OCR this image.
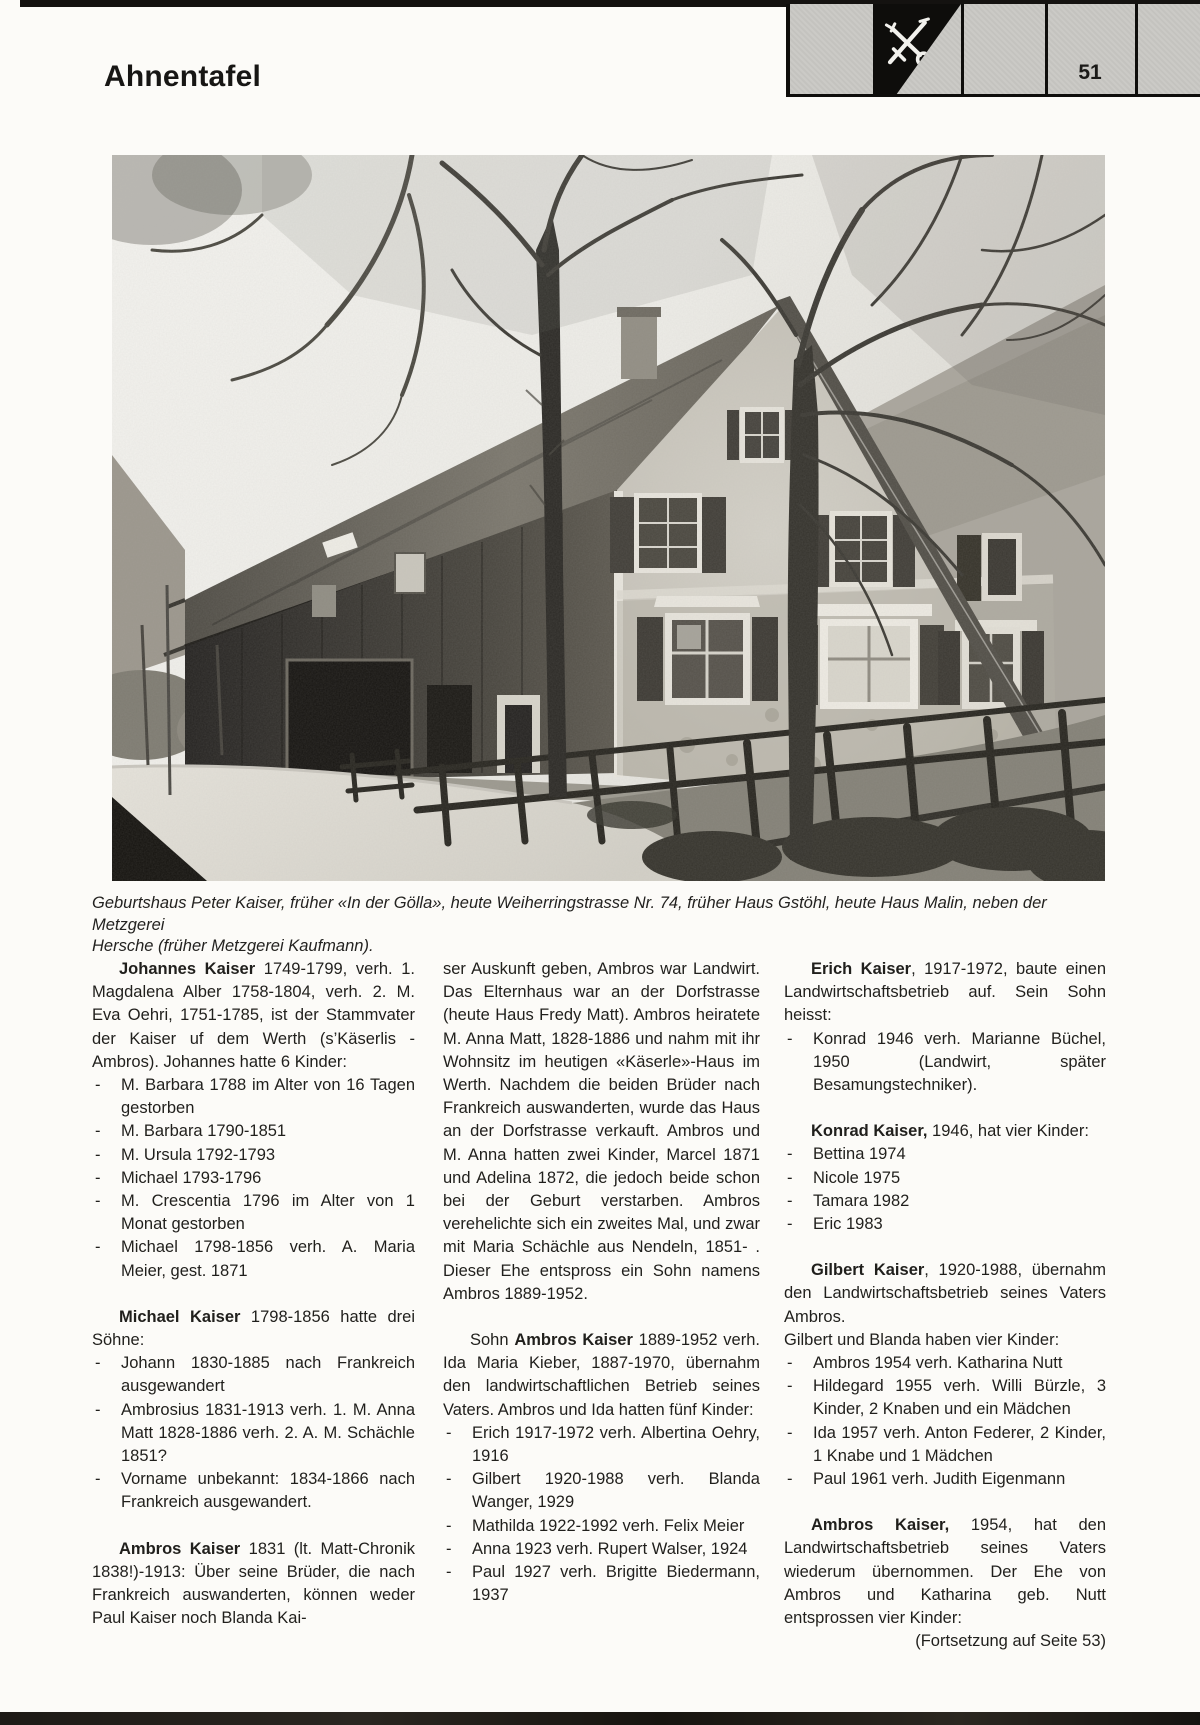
Ahnentafel	51
Geburtshaus Peter Kaiser, früher «In der Gölla», heute Weiherringstrasse Nr. 74, früher Haus Gstöhl, heute Haus Malin, neben der Metzgerei
Hersche (früher Metzgerei Kaufmann).

Johannes Kaiser 1749-1799, verh. 1. Magdalena Alber 1758-1804, verh. 2. M. Eva Oehri, 1751-1785, ist der Stammvater der Kaiser uf dem Werth (s’Käserlis - Ambros). Johannes hatte 6 Kinder:

- M. Barbara 1788 im Alter von 16 Tagen gestorben
- M. Barbara 1790-1851
- M. Ursula 1792-1793
- Michael 1793-1796
- M. Crescentia 1796 im Alter von 1 Monat gestorben
- Michael 1798-1856 verh. A. Maria Meier, gest. 1871

Michael Kaiser 1798-1856 hatte drei Söhne:

- Johann 1830-1885 nach Frankreich ausgewandert
- Ambrosius 1831-1913 verh. 1. M. Anna Matt 1828-1886 verh. 2. A. M. Schächle 1851?
- Vorname unbekannt: 1834-1866 nach Frankreich ausgewandert.

Ambros Kaiser 1831 (lt. Matt-Chronik 1838!)-1913: Über seine Brüder, die nach Frankreich auswanderten, können weder Paul Kaiser noch Blanda Kai-

ser Auskunft geben, Ambros war Landwirt. Das Elternhaus war an der Dorfstrasse (heute Haus Fredy Matt). Ambros heiratete M. Anna Matt, 1828-1886 und nahm mit ihr Wohnsitz im heutigen «Käserle»-Haus im Werth. Nachdem die beiden Brüder nach Frankreich auswanderten, wurde das Haus an der Dorfstrasse verkauft. Ambros und M. Anna hatten zwei Kinder, Marcel 1871 und Adelina 1872, die jedoch beide schon bei der Geburt verstarben. Ambros verehelichte sich ein zweites Mal, und zwar mit Maria Schächle aus Nendeln, 1851- . Dieser Ehe entspross ein Sohn namens Ambros 1889-1952.

Sohn Ambros Kaiser 1889-1952 verh. Ida Maria Kieber, 1887-1970, übernahm den landwirtschaftlichen Betrieb seines Vaters. Ambros und Ida hatten fünf Kinder:

- Erich 1917-1972 verh. Albertina Oehry, 1916
- Gilbert 1920-1988 verh. Blanda Wanger, 1929
- Mathilda 1922-1992 verh. Felix Meier
- Anna 1923 verh. Rupert Walser, 1924
- Paul 1927 verh. Brigitte Biedermann, 1937

Erich Kaiser, 1917-1972, baute einen Landwirtschaftsbetrieb auf. Sein Sohn heisst:

- Konrad 1946 verh. Marianne Büchel, 1950 (Landwirt, später Besamungstechniker).

Konrad Kaiser, 1946, hat vier Kinder:

- Bettina 1974
- Nicole 1975
- Tamara 1982
- Eric 1983

Gilbert Kaiser, 1920-1988, übernahm den Landwirtschaftsbetrieb seines Vaters Ambros.

Gilbert und Blanda haben vier Kinder:

- Ambros 1954 verh. Katharina Nutt
- Hildegard 1955 verh. Willi Bürzle, 3 Kinder, 2 Knaben und ein Mädchen
- Ida 1957 verh. Anton Federer, 2 Kinder, 1 Knabe und 1 Mädchen
- Paul 1961 verh. Judith Eigenmann

Ambros Kaiser, 1954, hat den Landwirtschaftsbetrieb seines Vaters wiederum übernommen. Der Ehe von Ambros und Katharina geb. Nutt entsprossen vier Kinder:

(Fortsetzung auf Seite 53)
